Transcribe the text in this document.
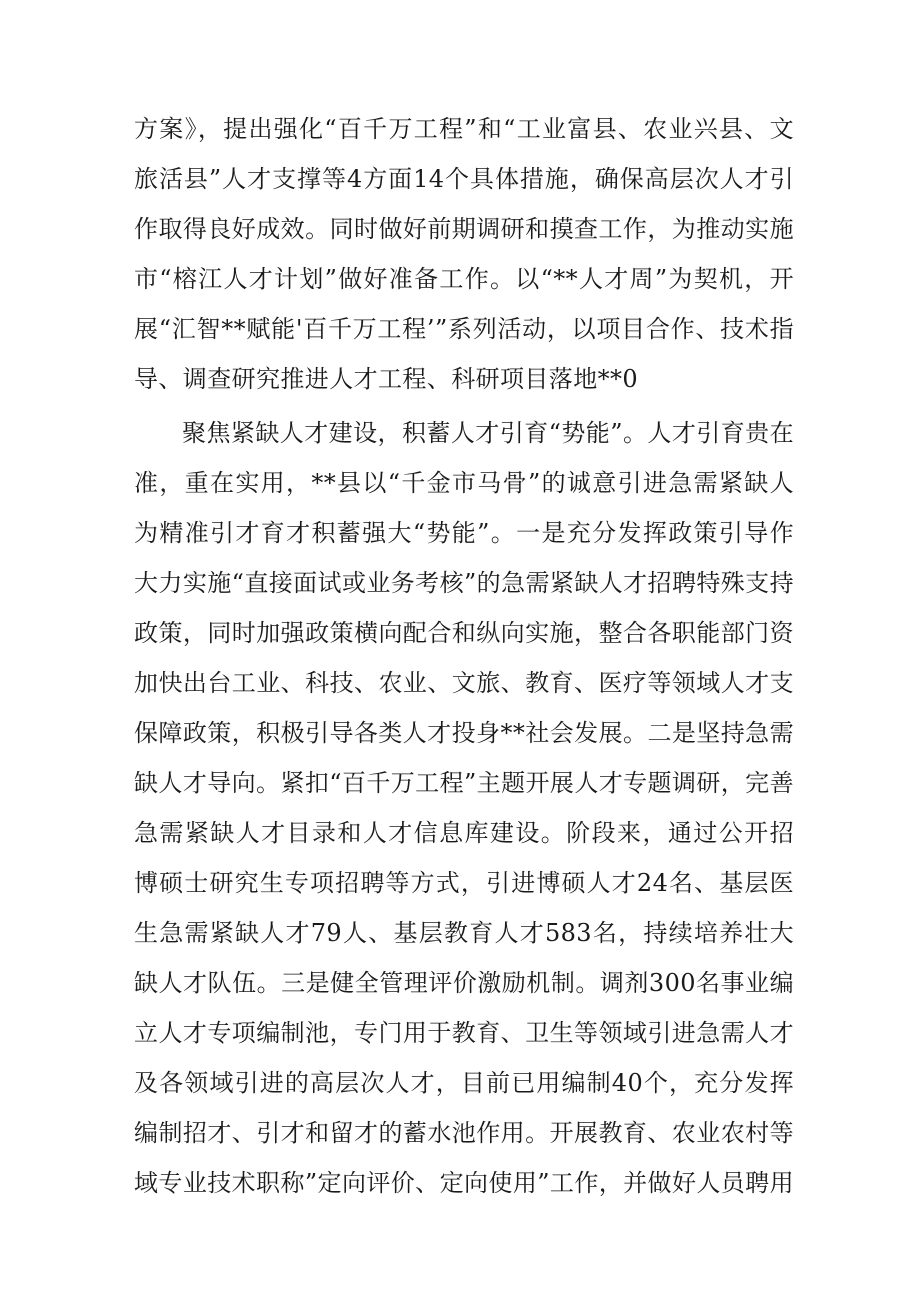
方案》，提出强化“百千万工程”和“工业富县、农业兴县、文
旅活县”人才支撑等4方面14个具体措施，确保高层次人才引
作取得良好成效。同时做好前期调研和摸查工作，为推动实施
市“榕江人才计划”做好准备工作。以“**人才周”为契机，开
展“汇智**赋能'百千万工程’”系列活动，以项目合作、技术指
导、调查研究推进人才工程、科研项目落地**0
聚焦紧缺人才建设，积蓄人才引育“势能”。人才引育贵在
准，重在实用，**县以“千金市马骨”的诚意引进急需紧缺人
为精准引才育才积蓄强大“势能”。一是充分发挥政策引导作
大力实施“直接面试或业务考核”的急需紧缺人才招聘特殊支持
政策，同时加强政策横向配合和纵向实施，整合各职能部门资
加快出台工业、科技、农业、文旅、教育、医疗等领域人才支
保障政策，积极引导各类人才投身**社会发展。二是坚持急需
缺人才导向。紧扣“百千万工程”主题开展人才专题调研，完善
急需紧缺人才目录和人才信息库建设。阶段来，通过公开招
博硕士研究生专项招聘等方式，引进博硕人才24名、基层医
生急需紧缺人才79人、基层教育人才583名，持续培养壮大
缺人才队伍。三是健全管理评价激励机制。调剂300名事业编
立人才专项编制池，专门用于教育、卫生等领域引进急需人才
及各领域引进的高层次人才，目前已用编制40个，充分发挥
编制招才、引才和留才的蓄水池作用。开展教育、农业农村等
域专业技术职称”定向评价、定向使用”工作，并做好人员聘用
